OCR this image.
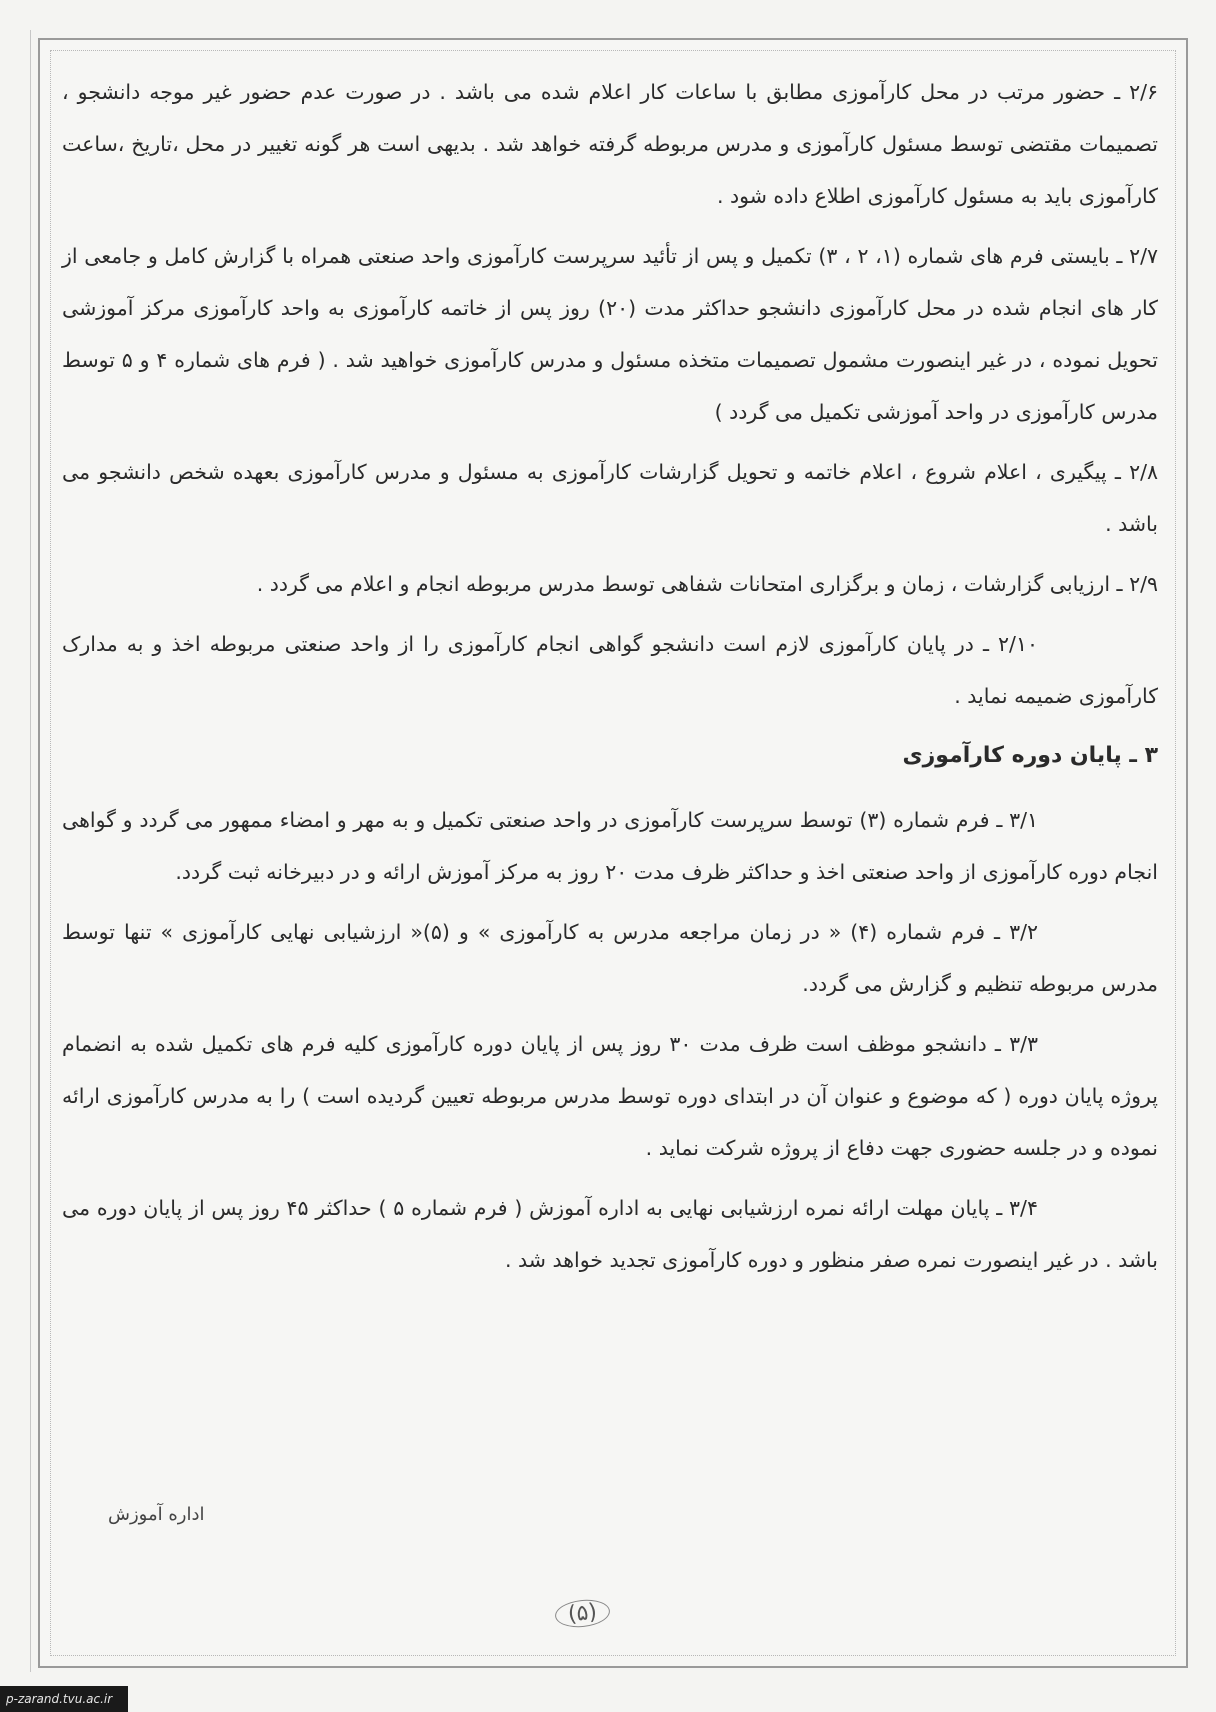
۲/۶ ـ حضور مرتب در محل کارآموزی مطابق با ساعات کار اعلام شده می باشد . در صورت عدم حضور غیر موجه دانشجو ، تصمیمات مقتضی توسط مسئول کارآموزی و مدرس مربوطه گرفته خواهد شد . بدیهی است هر گونه تغییر در محل ،تاریخ ،ساعت کارآموزی باید به مسئول کارآموزی اطلاع داده شود .

۲/۷ ـ بایستی فرم های شماره (۱، ۲ ، ۳) تکمیل و پس از تأئید سرپرست کارآموزی واحد صنعتی همراه با گزارش کامل و جامعی از کار های انجام شده در محل کارآموزی دانشجو حداکثر مدت (۲۰) روز پس از خاتمه کارآموزی به واحد کارآموزی مرکز آموزشی تحویل نموده ، در غیر اینصورت مشمول تصمیمات متخذه مسئول و مدرس کارآموزی خواهید شد . ( فرم های شماره ۴ و ۵ توسط مدرس کارآموزی در واحد آموزشی تکمیل می گردد )

۲/۸ ـ پیگیری ، اعلام شروع ، اعلام خاتمه و تحویل گزارشات کارآموزی به مسئول و مدرس کارآموزی بعهده شخص دانشجو می باشد .

۲/۹ ـ ارزیابی گزارشات ، زمان و برگزاری امتحانات شفاهی توسط مدرس مربوطه انجام و اعلام می گردد .

۲/۱۰ ـ در پایان کارآموزی لازم است دانشجو گواهی انجام کارآموزی را از واحد صنعتی مربوطه اخذ و به مدارک کارآموزی ضمیمه نماید .

۳ ـ پایان دوره کارآموزی

۳/۱ ـ فرم شماره (۳) توسط سرپرست کارآموزی در واحد صنعتی تکمیل و به مهر و امضاء ممهور می گردد و گواهی انجام دوره کارآموزی از واحد صنعتی اخذ و حداکثر ظرف مدت ۲۰ روز به مرکز آموزش ارائه و در دبیرخانه ثبت گردد.

۳/۲ ـ فرم شماره (۴) « در زمان مراجعه مدرس به کارآموزی » و (۵)« ارزشیابی نهایی کارآموزی » تنها توسط مدرس مربوطه تنظیم و گزارش می گردد.

۳/۳ ـ دانشجو موظف است ظرف مدت ۳۰ روز پس از پایان دوره کارآموزی کلیه فرم های تکمیل شده به انضمام پروژه پایان دوره ( که موضوع و عنوان آن در ابتدای دوره توسط مدرس مربوطه تعیین گردیده است ) را به مدرس کارآموزی ارائه نموده و در جلسه حضوری جهت دفاع از پروژه شرکت نماید .

۳/۴ ـ پایان مهلت ارائه نمره ارزشیابی نهایی به اداره آموزش ( فرم شماره ۵ ) حداکثر ۴۵ روز پس از پایان دوره می باشد . در غیر اینصورت نمره صفر منظور و دوره کارآموزی تجدید خواهد شد .

اداره آموزش
(۵)
p-zarand.tvu.ac.ir
